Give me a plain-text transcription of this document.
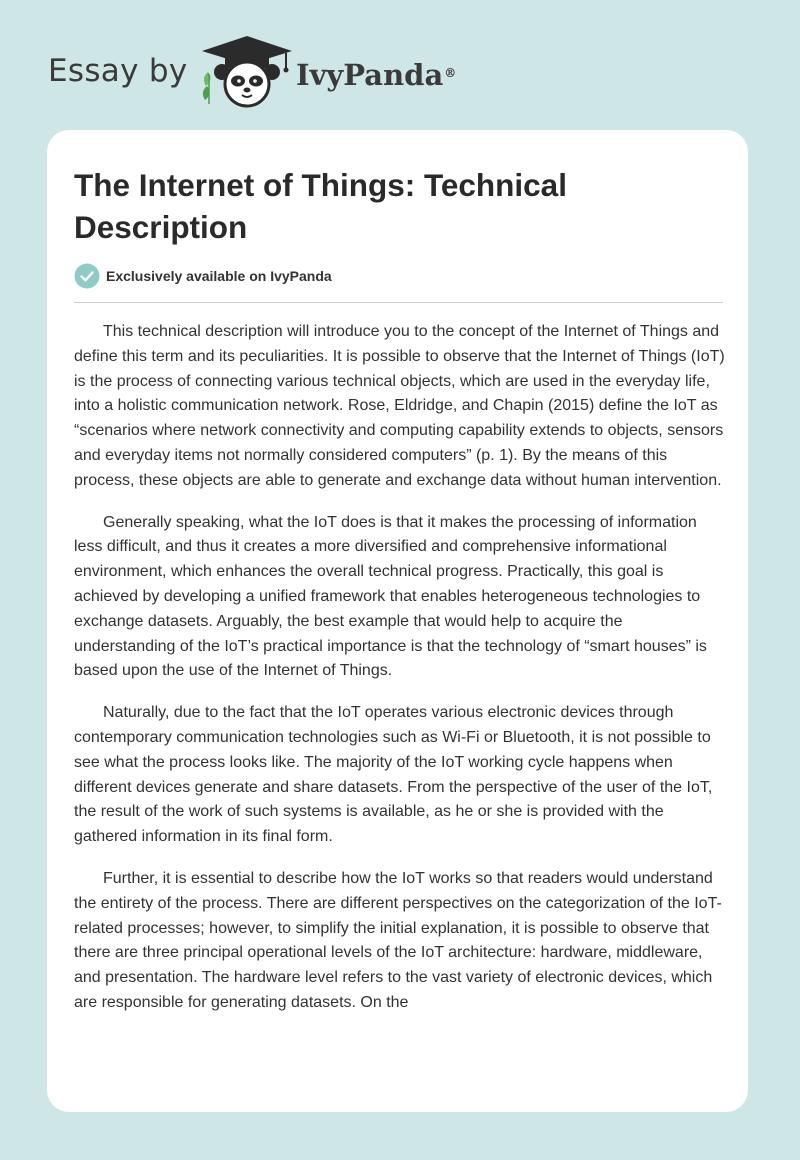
Essay by	IvyPanda®
The Internet of Things: Technical Description
Exclusively available on IvyPanda

This technical description will introduce you to the concept of the Internet of Things and define this term and its peculiarities. It is possible to observe that the Internet of Things (IoT) is the process of connecting various technical objects, which are used in the everyday life, into a holistic communication network. Rose, Eldridge, and Chapin (2015) define the IoT as “scenarios where network connectivity and computing capability extends to objects, sensors and everyday items not normally considered computers” (p. 1). By the means of this process, these objects are able to generate and exchange data without human intervention.

Generally speaking, what the IoT does is that it makes the processing of information less difficult, and thus it creates a more diversified and comprehensive informational environment, which enhances the overall technical progress. Practically, this goal is achieved by developing a unified framework that enables heterogeneous technologies to exchange datasets. Arguably, the best example that would help to acquire the understanding of the IoT’s practical importance is that the technology of “smart houses” is based upon the use of the Internet of Things.

Naturally, due to the fact that the IoT operates various electronic devices through contemporary communication technologies such as Wi-Fi or Bluetooth, it is not possible to see what the process looks like. The majority of the IoT working cycle happens when different devices generate and share datasets. From the perspective of the user of the IoT, the result of the work of such systems is available, as he or she is provided with the gathered information in its final form.

Further, it is essential to describe how the IoT works so that readers would understand the entirety of the process. There are different perspectives on the categorization of the IoT-related processes; however, to simplify the initial explanation, it is possible to observe that there are three principal operational levels of the IoT architecture: hardware, middleware, and presentation. The hardware level refers to the vast variety of electronic devices, which are responsible for generating datasets. On the
